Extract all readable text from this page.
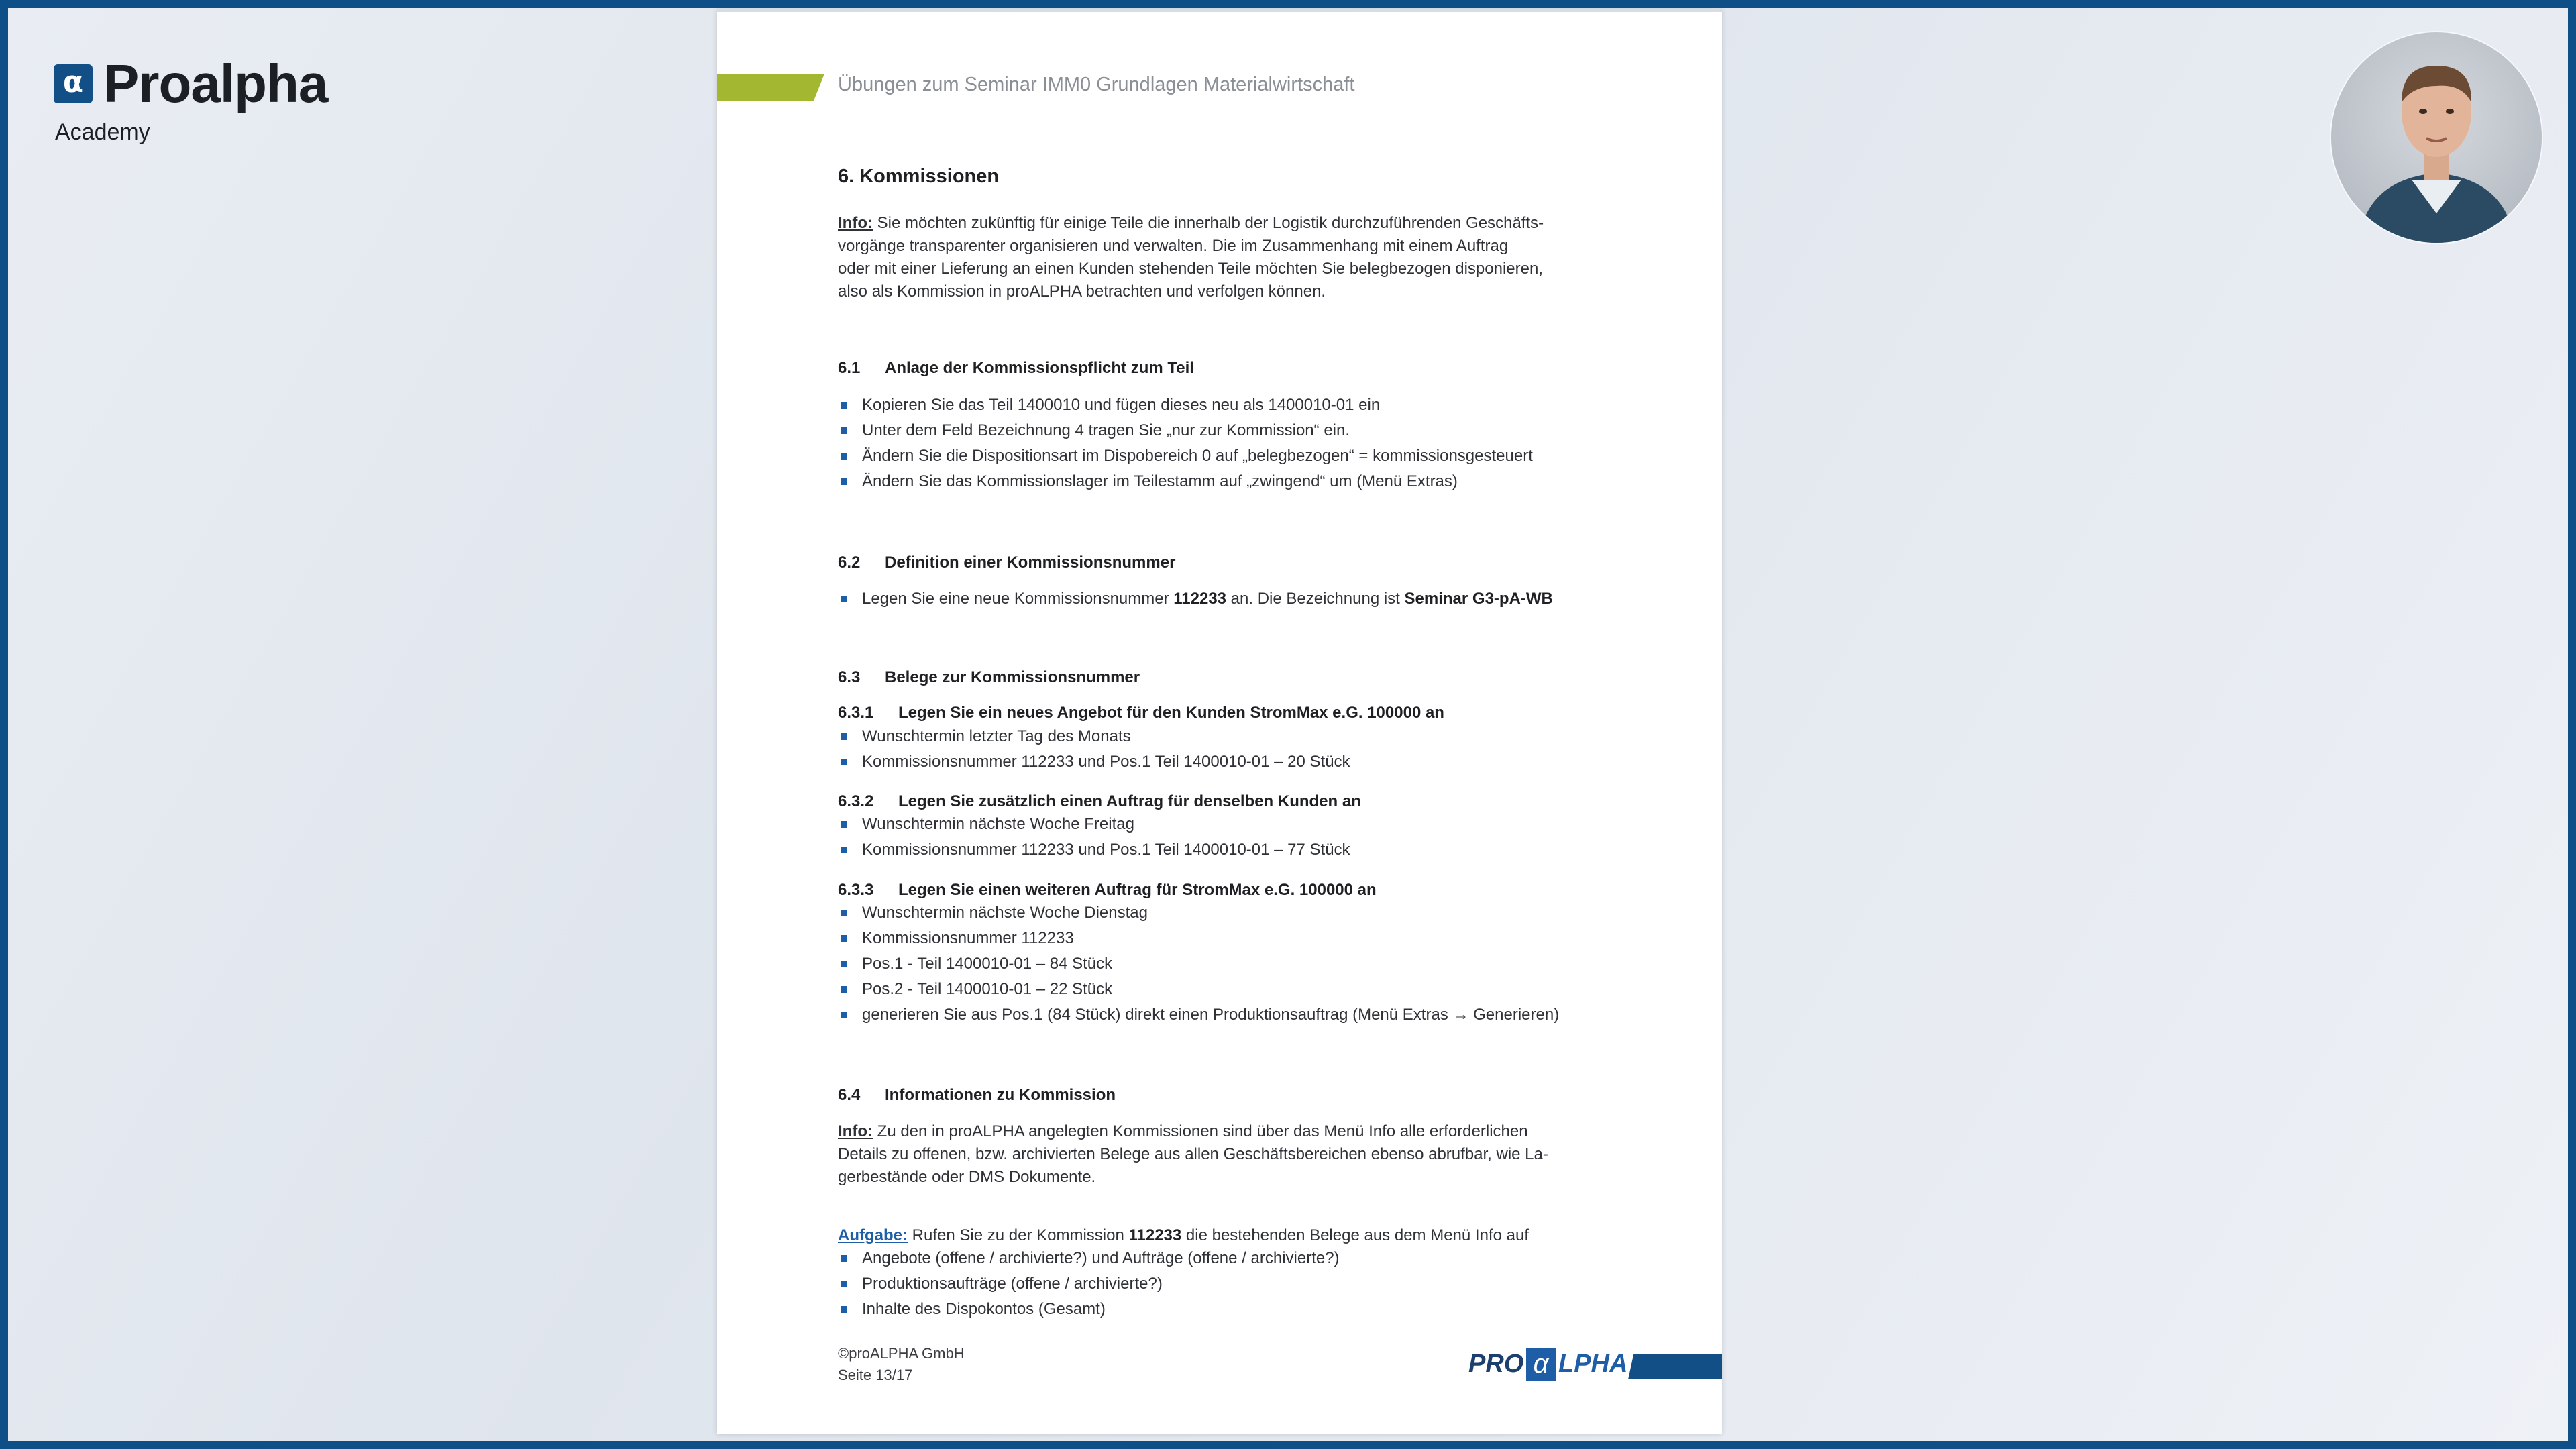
α Proalpha
Academy
Übungen zum Seminar IMM0 Grundlagen Materialwirtschaft
6. Kommissionen
Info: Sie möchten zukünftig für einige Teile die innerhalb der Logistik durchzuführenden Geschäfts-
vorgänge transparenter organisieren und verwalten. Die im Zusammenhang mit einem Auftrag
oder mit einer Lieferung an einen Kunden stehenden Teile möchten Sie belegbezogen disponieren,
also als Kommission in proALPHA betrachten und verfolgen können.
6.1 Anlage der Kommissionspflicht zum Teil
Kopieren Sie das Teil 1400010 und fügen dieses neu als 1400010-01 ein
Unter dem Feld Bezeichnung 4 tragen Sie „nur zur Kommission“ ein.
Ändern Sie die Dispositionsart im Dispobereich 0 auf „belegbezogen“ = kommissionsgesteuert
Ändern Sie das Kommissionslager im Teilestamm auf „zwingend“ um (Menü Extras)
6.2 Definition einer Kommissionsnummer
Legen Sie eine neue Kommissionsnummer 112233 an. Die Bezeichnung ist Seminar G3-pA-WB
6.3 Belege zur Kommissionsnummer
6.3.1 Legen Sie ein neues Angebot für den Kunden StromMax e.G. 100000 an
Wunschtermin letzter Tag des Monats
Kommissionsnummer 112233 und Pos.1 Teil 1400010-01 – 20 Stück
6.3.2 Legen Sie zusätzlich einen Auftrag für denselben Kunden an
Wunschtermin nächste Woche Freitag
Kommissionsnummer 112233 und Pos.1 Teil 1400010-01 – 77 Stück
6.3.3 Legen Sie einen weiteren Auftrag für StromMax e.G. 100000 an
Wunschtermin nächste Woche Dienstag
Kommissionsnummer 112233
Pos.1 - Teil 1400010-01 – 84 Stück
Pos.2 - Teil 1400010-01 – 22 Stück
generieren Sie aus Pos.1 (84 Stück) direkt einen Produktionsauftrag (Menü Extras → Generieren)
6.4 Informationen zu Kommission
Info: Zu den in proALPHA angelegten Kommissionen sind über das Menü Info alle erforderlichen
Details zu offenen, bzw. archivierten Belege aus allen Geschäftsbereichen ebenso abrufbar, wie La-
gerbestände oder DMS Dokumente.
Aufgabe: Rufen Sie zu der Kommission 112233 die bestehenden Belege aus dem Menü Info auf
Angebote (offene / archivierte?) und Aufträge (offene / archivierte?)
Produktionsaufträge (offene / archivierte?)
Inhalte des Dispokontos (Gesamt)
©proALPHA GmbH
Seite 13/17	PRO α LPHA
